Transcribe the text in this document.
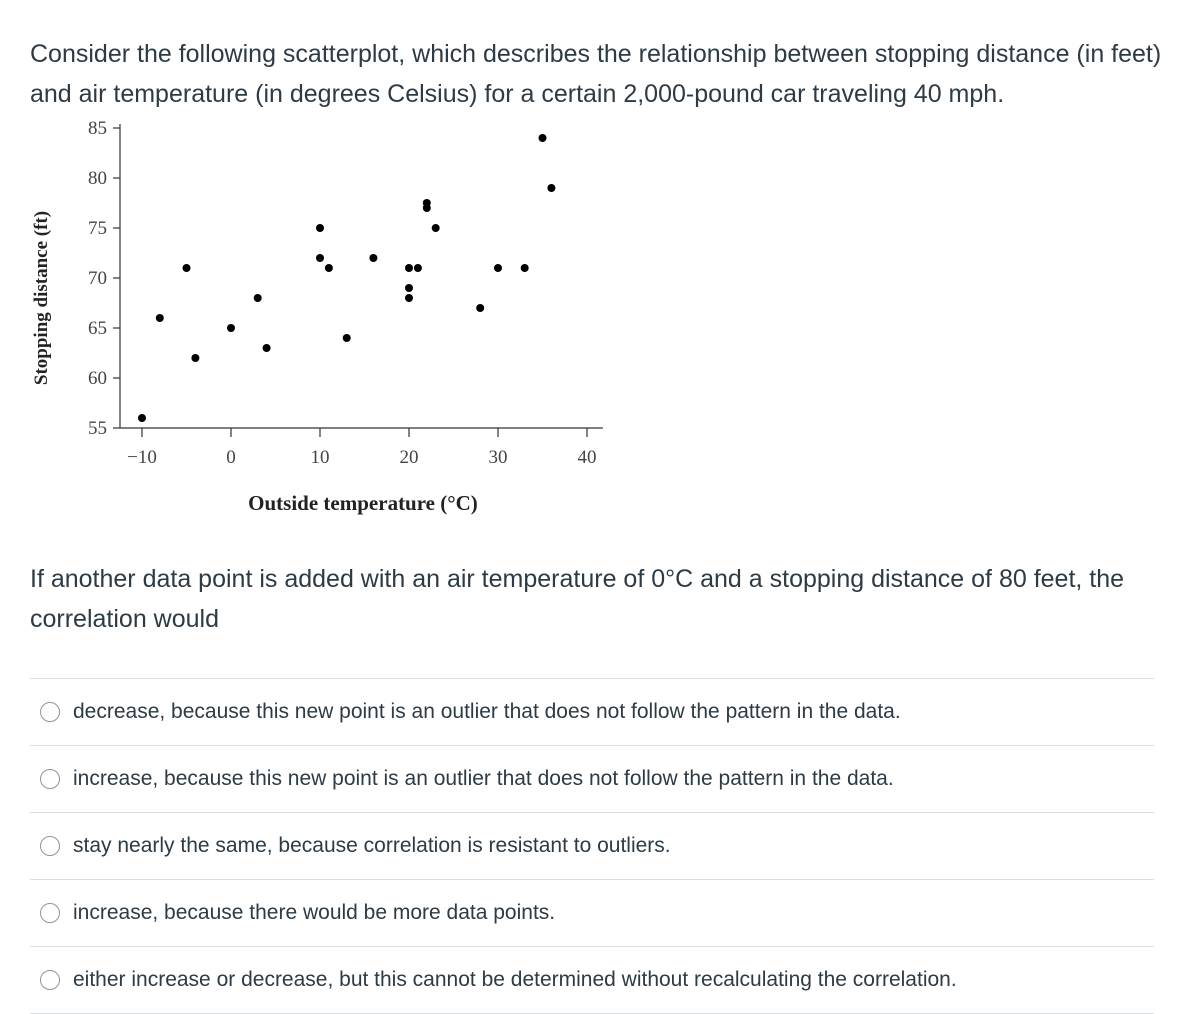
Consider the following scatterplot, which describes the relationship between stopping distance (in feet) and air temperature (in degrees Celsius) for a certain 2,000-pound car traveling 40 mph.

55
60
65
70
75
80
85
−10	0	10	20	30	40
Outside temperature (°C)
Stopping distance (ft)

If another data point is added with an air temperature of 0°C and a stopping distance of 80 feet, the correlation would

decrease, because this new point is an outlier that does not follow the pattern in the data.
increase, because this new point is an outlier that does not follow the pattern in the data.
stay nearly the same, because correlation is resistant to outliers.
increase, because there would be more data points.
either increase or decrease, but this cannot be determined without recalculating the correlation.
